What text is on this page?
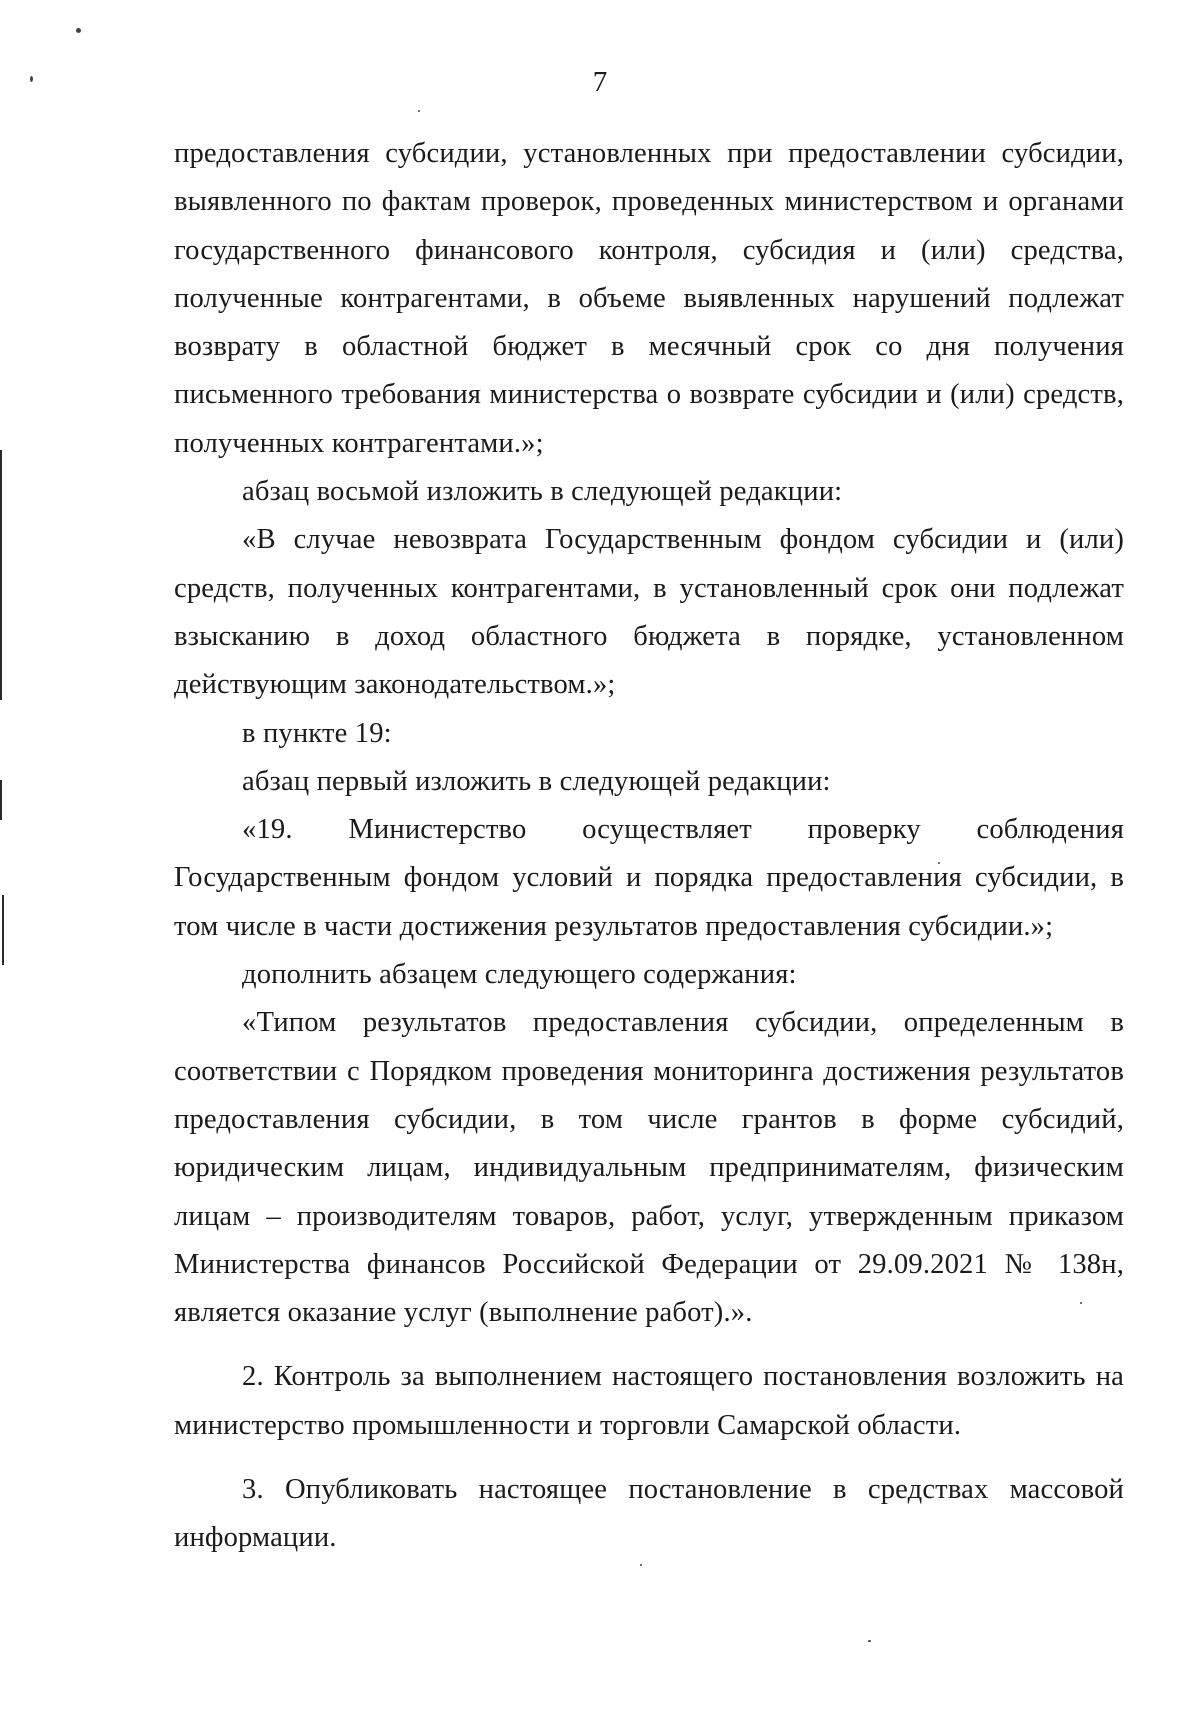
7

предоставления субсидии, установленных при предоставлении субсидии, выявленного по фактам проверок, проведенных министерством и органами государственного финансового контроля, субсидия и (или) средства, полученные контрагентами, в объеме выявленных нарушений подлежат возврату в областной бюджет в месячный срок со дня получения письменного требования министерства о возврате субсидии и (или) средств, полученных контрагентами.»;

абзац восьмой изложить в следующей редакции:

«В случае невозврата Государственным фондом субсидии и (или) средств, полученных контрагентами, в установленный срок они подлежат взысканию в доход областного бюджета в порядке, установленном действующим законодательством.»;

в пункте 19:

абзац первый изложить в следующей редакции:

«19. Министерство осуществляет проверку соблюдения Государственным фондом условий и порядка предоставления субсидии, в том числе в части достижения результатов предоставления субсидии.»;

дополнить абзацем следующего содержания:

«Типом результатов предоставления субсидии, определенным в соответствии с Порядком проведения мониторинга достижения результатов предоставления субсидии, в том числе грантов в форме субсидий, юридическим лицам, индивидуальным предпринимателям, физическим лицам – производителям товаров, работ, услуг, утвержденным приказом Министерства финансов Российской Федерации от 29.09.2021 № 138н, является оказание услуг (выполнение работ).».

2. Контроль за выполнением настоящего постановления возложить на министерство промышленности и торговли Самарской области.

3. Опубликовать настоящее постановление в средствах массовой информации.
